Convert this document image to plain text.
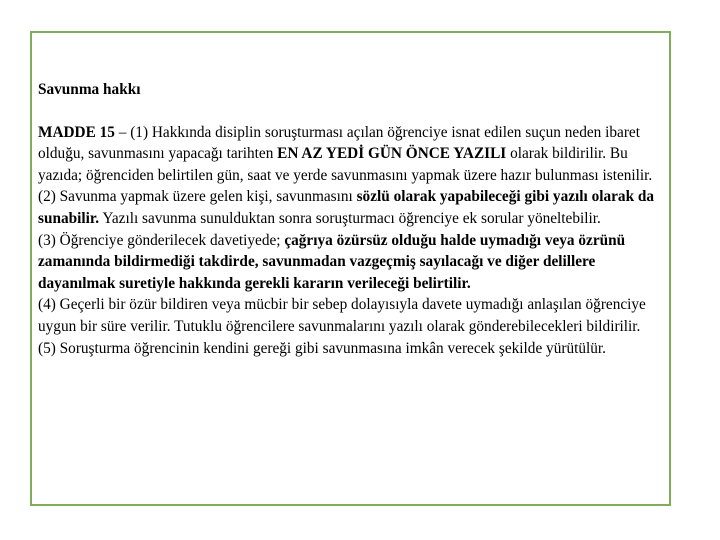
Savunma hakkı

MADDE 15 – (1) Hakkında disiplin soruşturması açılan öğrenciye isnat edilen suçun neden ibaret olduğu, savunmasını yapacağı tarihten EN AZ YEDİ GÜN ÖNCE YAZILI olarak bildirilir. Bu yazıda; öğrenciden belirtilen gün, saat ve yerde savunmasını yapmak üzere hazır bulunması istenilir.

(2) Savunma yapmak üzere gelen kişi, savunmasını sözlü olarak yapabileceği gibi yazılı olarak da sunabilir. Yazılı savunma sunulduktan sonra soruşturmacı öğrenciye ek sorular yöneltebilir.

(3) Öğrenciye gönderilecek davetiyede; çağrıya özürsüz olduğu halde uymadığı veya özrünü zamanında bildirmediği takdirde, savunmadan vazgeçmiş sayılacağı ve diğer delillere dayanılmak suretiyle hakkında gerekli kararın verileceği belirtilir.

(4) Geçerli bir özür bildiren veya mücbir bir sebep dolayısıyla davete uymadığı anlaşılan öğrenciye uygun bir süre verilir. Tutuklu öğrencilere savunmalarını yazılı olarak gönderebilecekleri bildirilir.

(5) Soruşturma öğrencinin kendini gereği gibi savunmasına imkân verecek şekilde yürütülür.
